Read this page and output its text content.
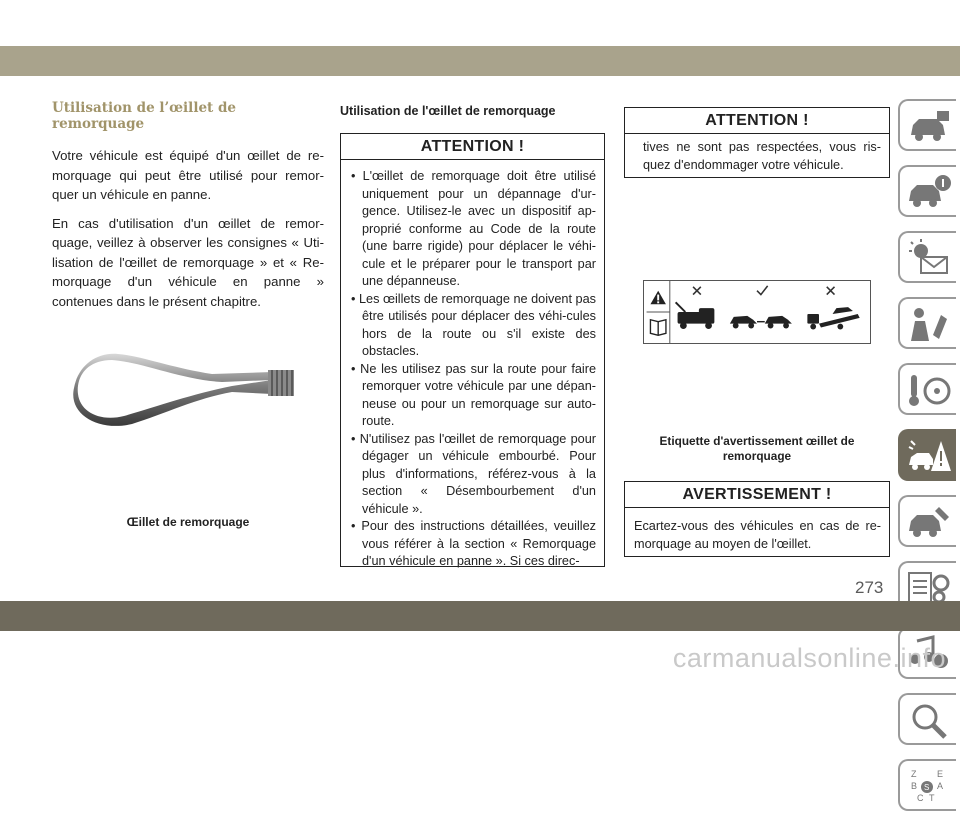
Utilisation de l’œillet de remorquage

Votre véhicule est équipé d'un œillet de re-morquage qui peut être utilisé pour remor-quer un véhicule en panne.

En cas d'utilisation d'un œillet de remor-quage, veillez à observer les consignes « Uti-lisation de l'œillet de remorquage » et « Re-morquage d'un véhicule en panne » contenues dans le présent chapitre.

Œillet de remorquage
Utilisation de l'œillet de remorquage
ATTENTION !
• L'œillet de remorquage doit être utilisé uniquement pour un dépannage d'ur-gence. Utilisez-le avec un dispositif ap-proprié conforme au Code de la route (une barre rigide) pour déplacer le véhi-cule et le préparer pour le transport par une dépanneuse.
• Les œillets de remorquage ne doivent pas être utilisés pour déplacer des véhi-cules hors de la route ou s'il existe des obstacles.
• Ne les utilisez pas sur la route pour faire remorquer votre véhicule par une dépan-neuse ou pour un remorquage sur auto-route.
• N'utilisez pas l'œillet de remorquage pour dégager un véhicule embourbé. Pour plus d'informations, référez-vous à la section « Désembourbement d'un véhicule ».
• Pour des instructions détaillées, veuillez vous référer à la section « Remorquage d'un véhicule en panne ». Si ces direc-
ATTENTION !
tives ne sont pas respectées, vous ris-quez d'endommager votre véhicule.
Etiquette d'avertissement œillet de remorquage
AVERTISSEMENT !
Ecartez-vous des véhicules en cas de re-morquage au moyen de l'œillet.
Z E
B A
C T
S
273
carmanualsonline.info
